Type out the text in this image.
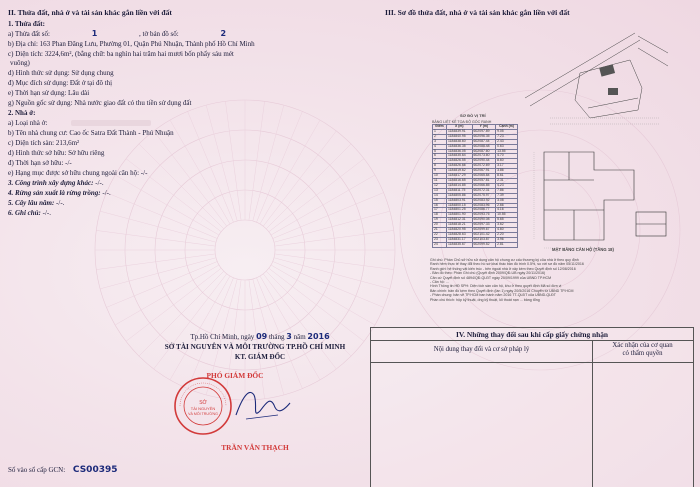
II. Thửa đất, nhà ở và tài sản khác gắn liền với đất
1. Thửa đất:
a) Thửa đất số:	1	, tờ bản đồ số:	2
b) Địa chỉ: 163 Phan Đăng Lưu, Phường 01, Quận Phú Nhuận, Thành phố Hồ Chí Minh
c) Diện tích: 3224,6m², (bằng chữ: ba nghìn hai trăm hai mươi bốn phẩy sáu mét
vuông)
d) Hình thức sử dụng: Sử dụng chung
đ) Mục đích sử dụng: Đất ở tại đô thị
e) Thời hạn sử dụng: Lâu dài
g) Nguồn gốc sử dụng: Nhà nước giao đất có thu tiền sử dụng đất
2. Nhà ở:
a) Loại nhà ở:
b) Tên nhà chung cư: Cao ốc Satra Đất Thành - Phú Nhuận
c) Diện tích sàn: 213,6m²
d) Hình thức sở hữu: Sở hữu riêng
đ) Thời hạn sở hữu: -/-
e) Hạng mục được sở hữu chung ngoài căn hộ: -/-
3. Công trình xây dựng khác: -/-.
4. Rừng sản xuất là rừng trồng: -/-.
5. Cây lâu năm: -/-.
6. Ghi chú: -/-.
III. Sơ đồ thửa đất, nhà ở và tài sản khác gắn liền với đất
SƠ ĐỒ VỊ TRÍ
BẢNG LIỆT KÊ TỌA ĐỘ GÓC RANH
Điểm	X (m)	Y (m)	Cạnh (m)
1	1184839.91	602097.89	9.05
2	1184840.95	602096.35	7.23
3	1184838.60	602087.44	2.43
4	1184836.35	602088.48	0.63
5	1184836.05	602087.60	13.55
6	1184835.64	602073.60	4.70
7	1184826.55	602090.44	8.60
8	1184826.66	602072.69	3.17
9	1184819.62	602067.91	3.86
10	1184817.29	602065.84	8.61
11	1184816.65	602057.81	2.31
12	1184814.85	602066.85	4.23
13	1184811.75	602072.31	7.86
14	1184805.86	602075.97	7.39
15	1184803.91	602083.92	3.08
16	1184800.15	602083.96	2.66
17	1184801.25	602086.77	4.16
18	1184801.90	602093.76	10.55
19	1184812.31	602090.08	5.65
20	1184818.21	602097.33	3.62
21	1184820.95	602099.67	4.60
22	1184828.63	602101.42	2.20
23	1184831.17	602103.87	3.96
24	1184835.67	602099.52	2.81
MẶT BẰNG CĂN HỘ (TẦNG 18)
Ghi chú: Phần Chủ sở hữu sử dụng căn hộ chung cư cấu thương ký của nhà ở theo quy định
Ranh hẻm thực tế thay đổi theo hồ sơ khai thác bản đồ trình 0.5%, so với sơ đồ năm 05/11/2016
Ranh giới: hệ thống vật kiến trúc - bên ngoài nhà ở xây kèm theo Quyết định số 12/08/2016
- Bản đồ theo: Phần Ghi chú (Quyết định 2009/QĐ-UB ngày 20/11/2016)
Căn cứ Quyết định số 4894/QĐ-QLĐT ngày 20/09/1999 của UBND TP.HCM
- Căn hộ: ...
Hình Thông tin HĐ SPH: Diện tích sàn căn hộ, khu ở theo quyết định Mã số đơn vị
Bản chính: bản đồ kèm theo Quyết định (lần 1) ngày 20/5/2016 Chuyển từ UBND TP.HCM
- Phần chung: bản vẽ TP.HCM ban hành năm 2016 TT-QLĐT của UBND-QLĐT
Phần chú thích: hộp kỹ thuật, ống kỹ thuật, lối thoát nạn ... bảng tổng
IV. Những thay đổi sau khi cấp giấy chứng nhận
Nội dung thay đổi và cơ sở pháp lý
Xác nhận của cơ quan
có thẩm quyền
Tp.Hồ Chí Minh, ngày 09 tháng 3 năm 2016
SỞ TÀI NGUYÊN VÀ MÔI TRƯỜNG TP.HỒ CHÍ MINH
KT. GIÁM ĐỐC
PHÓ GIÁM ĐỐC
SỞ
TÀI NGUYÊN
VÀ MÔI TRƯỜNG
TRẦN VĂN THẠCH
Số vào sổ cấp GCN: CS00395
